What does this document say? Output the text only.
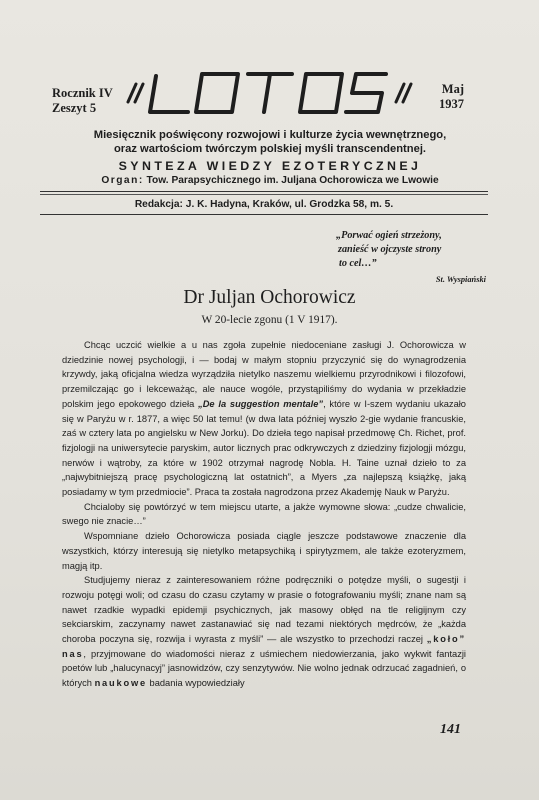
Rocznik IV
Zeszyt 5
Maj
1937
Miesięcznik poświęcony rozwojowi i kulturze życia wewnętrznego,
oraz wartościom twórczym polskiej myśli transcendentnej.
SYNTEZA WIEDZY EZOTERYCZNEJ
Organ: Tow. Parapsychicznego im. Juljana Ochorowicza we Lwowie
Redakcja: J. K. Hadyna, Kraków, ul. Grodzka 58, m. 5.
„Porwać ogień strzeżony,
zanieść w ojczyste strony
to cel…”
St. Wyspiański
Dr Juljan Ochorowicz
W 20-lecie zgonu (1 V 1917).

Chcąc uczcić wielkie a u nas zgoła zupełnie niedoceniane zasługi J. Ochorowicza w dziedzinie nowej psychologji, i — bodaj w małym stopniu przyczynić się do wynagrodzenia krzywdy, jaką oficjalna wiedza wyrządziła nietylko naszemu wielkiemu przyrodnikowi i filozofowi, przemilczając go i lekceważąc, ale nauce wogóle, przystąpiliśmy do wydania w przekładzie polskim jego epokowego dzieła „De la suggestion mentale”, które w I-szem wydaniu ukazało się w Paryżu w r. 1877, a więc 50 lat temu! (w dwa lata później wyszło 2-gie wydanie francuskie, zaś w cztery lata po angielsku w New Jorku). Do dzieła tego napisał przedmowę Ch. Richet, prof. fizjologji na uniwersytecie paryskim, autor licznych prac odkrywczych z dziedziny fizjologji mózgu, nerwów i wątroby, za które w 1902 otrzymał nagrodę Nobla. H. Taine uznał dzieło to za „najwybitniejszą pracę psychologiczną lat ostatnich”, a Myers „za najlepszą książkę, jaką posiadamy w tym przedmiocie”. Praca ta została nagrodzona przez Akademję Nauk w Paryżu.

Chcialoby się powtórzyć w tem miejscu utarte, a jakże wymowne słowa: „cudze chwalicie, swego nie znacie…”

Wspomniane dzieło Ochorowicza posiada ciągle jeszcze podstawowe znaczenie dla wszystkich, którzy interesują się nietylko metapsychiką i spirytyzmem, ale także ezoteryzmem, magją itp.

Studjujemy nieraz z zainteresowaniem różne podręczniki o potędze myśli, o sugestji i rozwoju potęgi woli; od czasu do czasu czytamy w prasie o fotografowaniu myśli; znane nam są nawet rzadkie wypadki epidemji psychicznych, jak masowy obłęd na tle religijnym czy sekciarskim, zaczynamy nawet zastanawiać się nad tezami niektórych mędrców, że „każda choroba poczyna się, rozwija i wyrasta z myśli” — ale wszystko to przechodzi raczej „koło” nas, przyjmowane do wiadomości nieraz z uśmiechem niedowierzania, jako wykwit fantazji poetów lub „halucynacyj” jasnowidzów, czy senzytywów. Nie wolno jednak odrzucać zagadnień, o których naukowe badania wypowiedziały

141
